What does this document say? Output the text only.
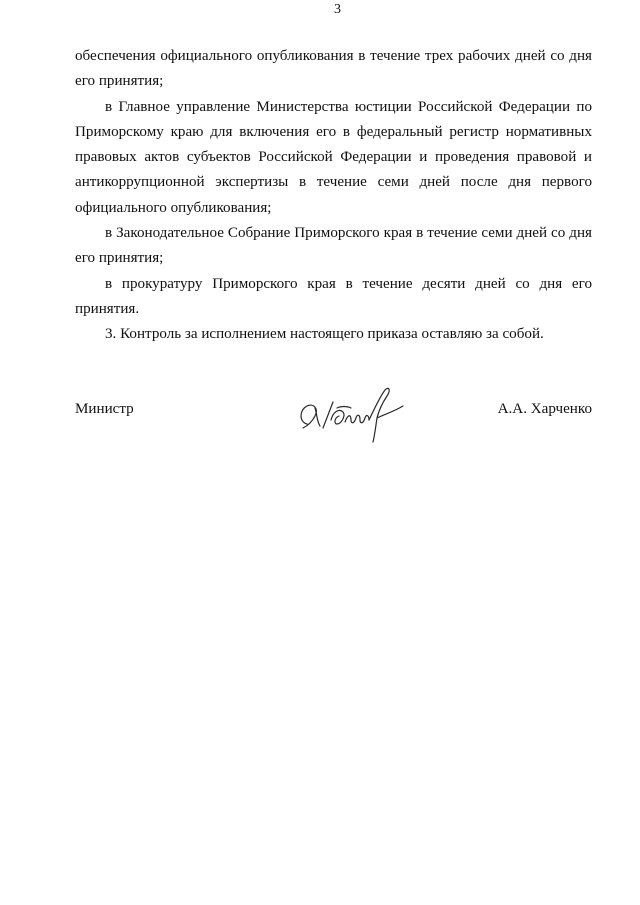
3

обеспечения официального опубликования в течение трех рабочих дней со дня его принятия;

в Главное управление Министерства юстиции Российской Федерации по Приморскому краю для включения его в федеральный регистр нормативных правовых актов субъектов Российской Федерации и проведения правовой и антикоррупционной экспертизы в течение семи дней после дня первого официального опубликования;

в Законодательное Собрание Приморского края в течение семи дней со дня его принятия;

в прокуратуру Приморского края в течение десяти дней со дня его принятия.

3. Контроль за исполнением настоящего приказа оставляю за собой.

Министр	А.А. Харченко
